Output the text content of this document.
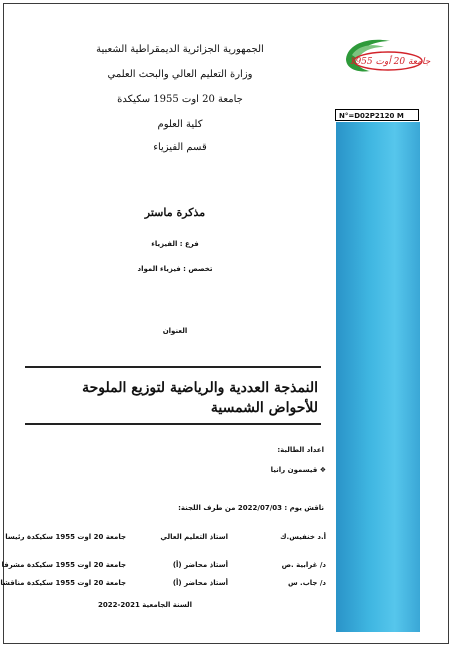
الجمهورية الجزائرية الديمقراطية الشعبية
وزارة التعليم العالي والبحث العلمي
جامعة 20 اوت 1955 سكيكدة
كلية العلوم
قسم الفيزياء
جامعة 20 أوت 1955
N°=D02P2120 M
مذكرة ماستر
فرع : الفيزياء
تخصص : فيزياء المواد
العنوان
النمذجة العددية والرياضية لتوزيع الملوحة للأحواض الشمسية
اعداد الطالبة:
❖ قيسمون رانيا
ناقش يوم : 2022/07/03 من طرف اللجنة:
أ.د خنفيس.ك
استاذ التعليم العالي
جامعة 20 اوت 1955 سكيكدة رئيسا
د/ غرابية .ص
أستاذ محاضر (أ)
جامعة 20 اوت 1955 سكيكدة مشرفا
د/ جاب. س
أستاذ محاضر (أ)
جامعة 20 اوت 1955 سكيكدة مناقشا
السنة الجامعية 2021-2022
